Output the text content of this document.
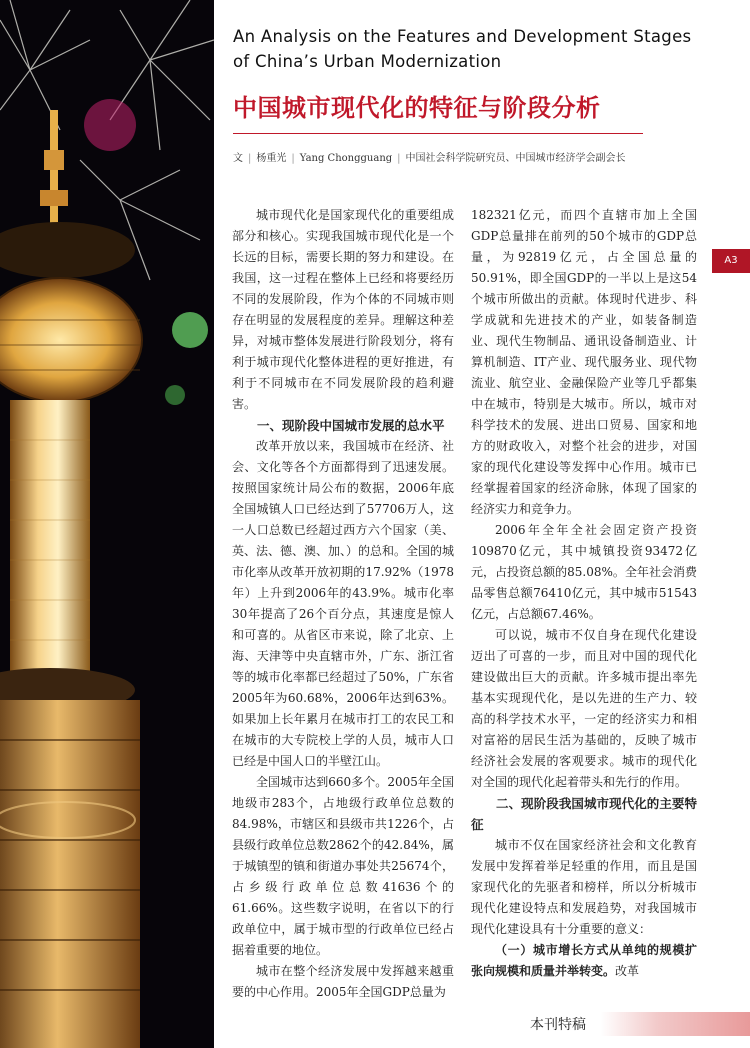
An Analysis on the Features and Development Stages
of China’s Urban Modernization
中国城市现代化的特征与阶段分析
文 | 杨重光 | Yang Chongguang | 中国社会科学院研究员、中国城市经济学会副会长
A3

城市现代化是国家现代化的重要组成部分和核心。实现我国城市现代化是一个长远的目标，需要长期的努力和建设。在我国，这一过程在整体上已经和将要经历不同的发展阶段，作为个体的不同城市则存在明显的发展程度的差异。理解这种差异，对城市整体发展进行阶段划分，将有利于城市现代化整体进程的更好推进，有利于不同城市在不同发展阶段的趋利避害。

一、现阶段中国城市发展的总水平

改革开放以来，我国城市在经济、社会、文化等各个方面都得到了迅速发展。按照国家统计局公布的数据，2006年底全国城镇人口已经达到了57706万人，这一人口总数已经超过西方六个国家（美、英、法、德、澳、加、）的总和。全国的城市化率从改革开放初期的17.92%（1978年）上升到2006年的43.9%。城市化率30年提高了26个百分点，其速度是惊人和可喜的。从省区市来说，除了北京、上海、天津等中央直辖市外，广东、浙江省等的城市化率都已经超过了50%，广东省2005年为60.68%，2006年达到63%。如果加上长年累月在城市打工的农民工和在城市的大专院校上学的人员，城市人口已经是中国人口的半壁江山。

全国城市达到660多个。2005年全国地级市283个，占地级行政单位总数的84.98%，市辖区和县级市共1226个，占县级行政单位总数2862个的42.84%，属于城镇型的镇和街道办事处共25674个，占乡级行政单位总数41636个的61.66%。这些数字说明，在省以下的行政单位中，属于城市型的行政单位已经占据着重要的地位。

城市在整个经济发展中发挥越来越重要的中心作用。2005年全国GDP总量为

182321亿元，而四个直辖市加上全国GDP总量排在前列的50个城市的GDP总量，为92819亿元，占全国总量的50.91%，即全国GDP的一半以上是这54个城市所做出的贡献。体现时代进步、科学成就和先进技术的产业，如装备制造业、现代生物制品、通讯设备制造业、计算机制造、IT产业、现代服务业、现代物流业、航空业、金融保险产业等几乎都集中在城市，特别是大城市。所以，城市对科学技术的发展、进出口贸易、国家和地方的财政收入，对整个社会的进步，对国家的现代化建设等发挥中心作用。城市已经掌握着国家的经济命脉，体现了国家的经济实力和竞争力。

2006年全年全社会固定资产投资109870亿元，其中城镇投资93472亿元，占投资总额的85.08%。全年社会消费品零售总额76410亿元，其中城市51543亿元，占总额67.46%。

可以说，城市不仅自身在现代化建设迈出了可喜的一步，而且对中国的现代化建设做出巨大的贡献。许多城市提出率先基本实现现代化，是以先进的生产力、较高的科学技术水平，一定的经济实力和相对富裕的居民生活为基础的，反映了城市经济社会发展的客观要求。城市的现代化对全国的现代化起着带头和先行的作用。

二、现阶段我国城市现代化的主要特征

城市不仅在国家经济社会和文化教育发展中发挥着举足轻重的作用，而且是国家现代化的先驱者和榜样，所以分析城市现代化建设特点和发展趋势，对我国城市现代化建设具有十分重要的意义：

（一）城市增长方式从单纯的规模扩张向规模和质量并举转变。改革

本刊特稿
